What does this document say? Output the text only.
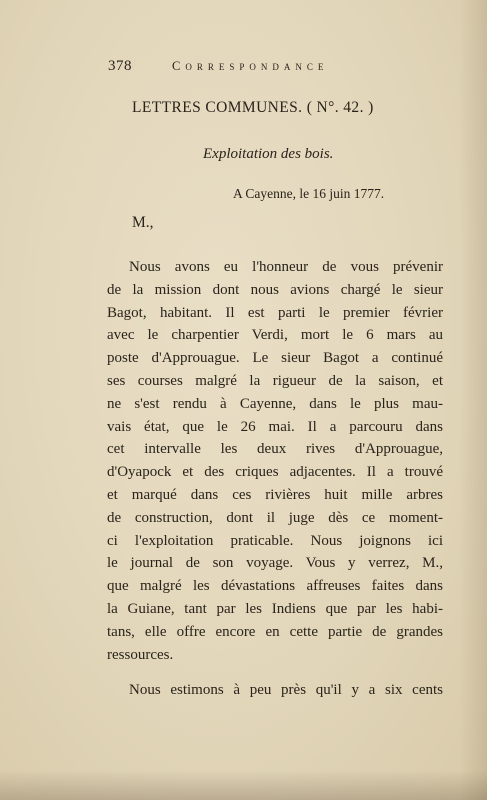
378	Correspondance
LETTRES COMMUNES. ( N°. 42. )
Exploitation des bois.
A Cayenne, le 16 juin 1777.
M.,
Nous avons eu l'honneur de vous prévenir
de la mission dont nous avions chargé le sieur
Bagot, habitant. Il est parti le premier février
avec le charpentier Verdi, mort le 6 mars au
poste d'Approuague. Le sieur Bagot a continué
ses courses malgré la rigueur de la saison, et
ne s'est rendu à Cayenne, dans le plus mau-
vais état, que le 26 mai. Il a parcouru dans
cet intervalle les deux rives d'Approuague,
d'Oyapock et des criques adjacentes. Il a trouvé
et marqué dans ces rivières huit mille arbres
de construction, dont il juge dès ce moment-
ci l'exploitation praticable. Nous joignons ici
le journal de son voyage. Vous y verrez, M.,
que malgré les dévastations affreuses faites dans
la Guiane, tant par les Indiens que par les habi-
tans, elle offre encore en cette partie de grandes
ressources.
Nous estimons à peu près qu'il y a six cents
